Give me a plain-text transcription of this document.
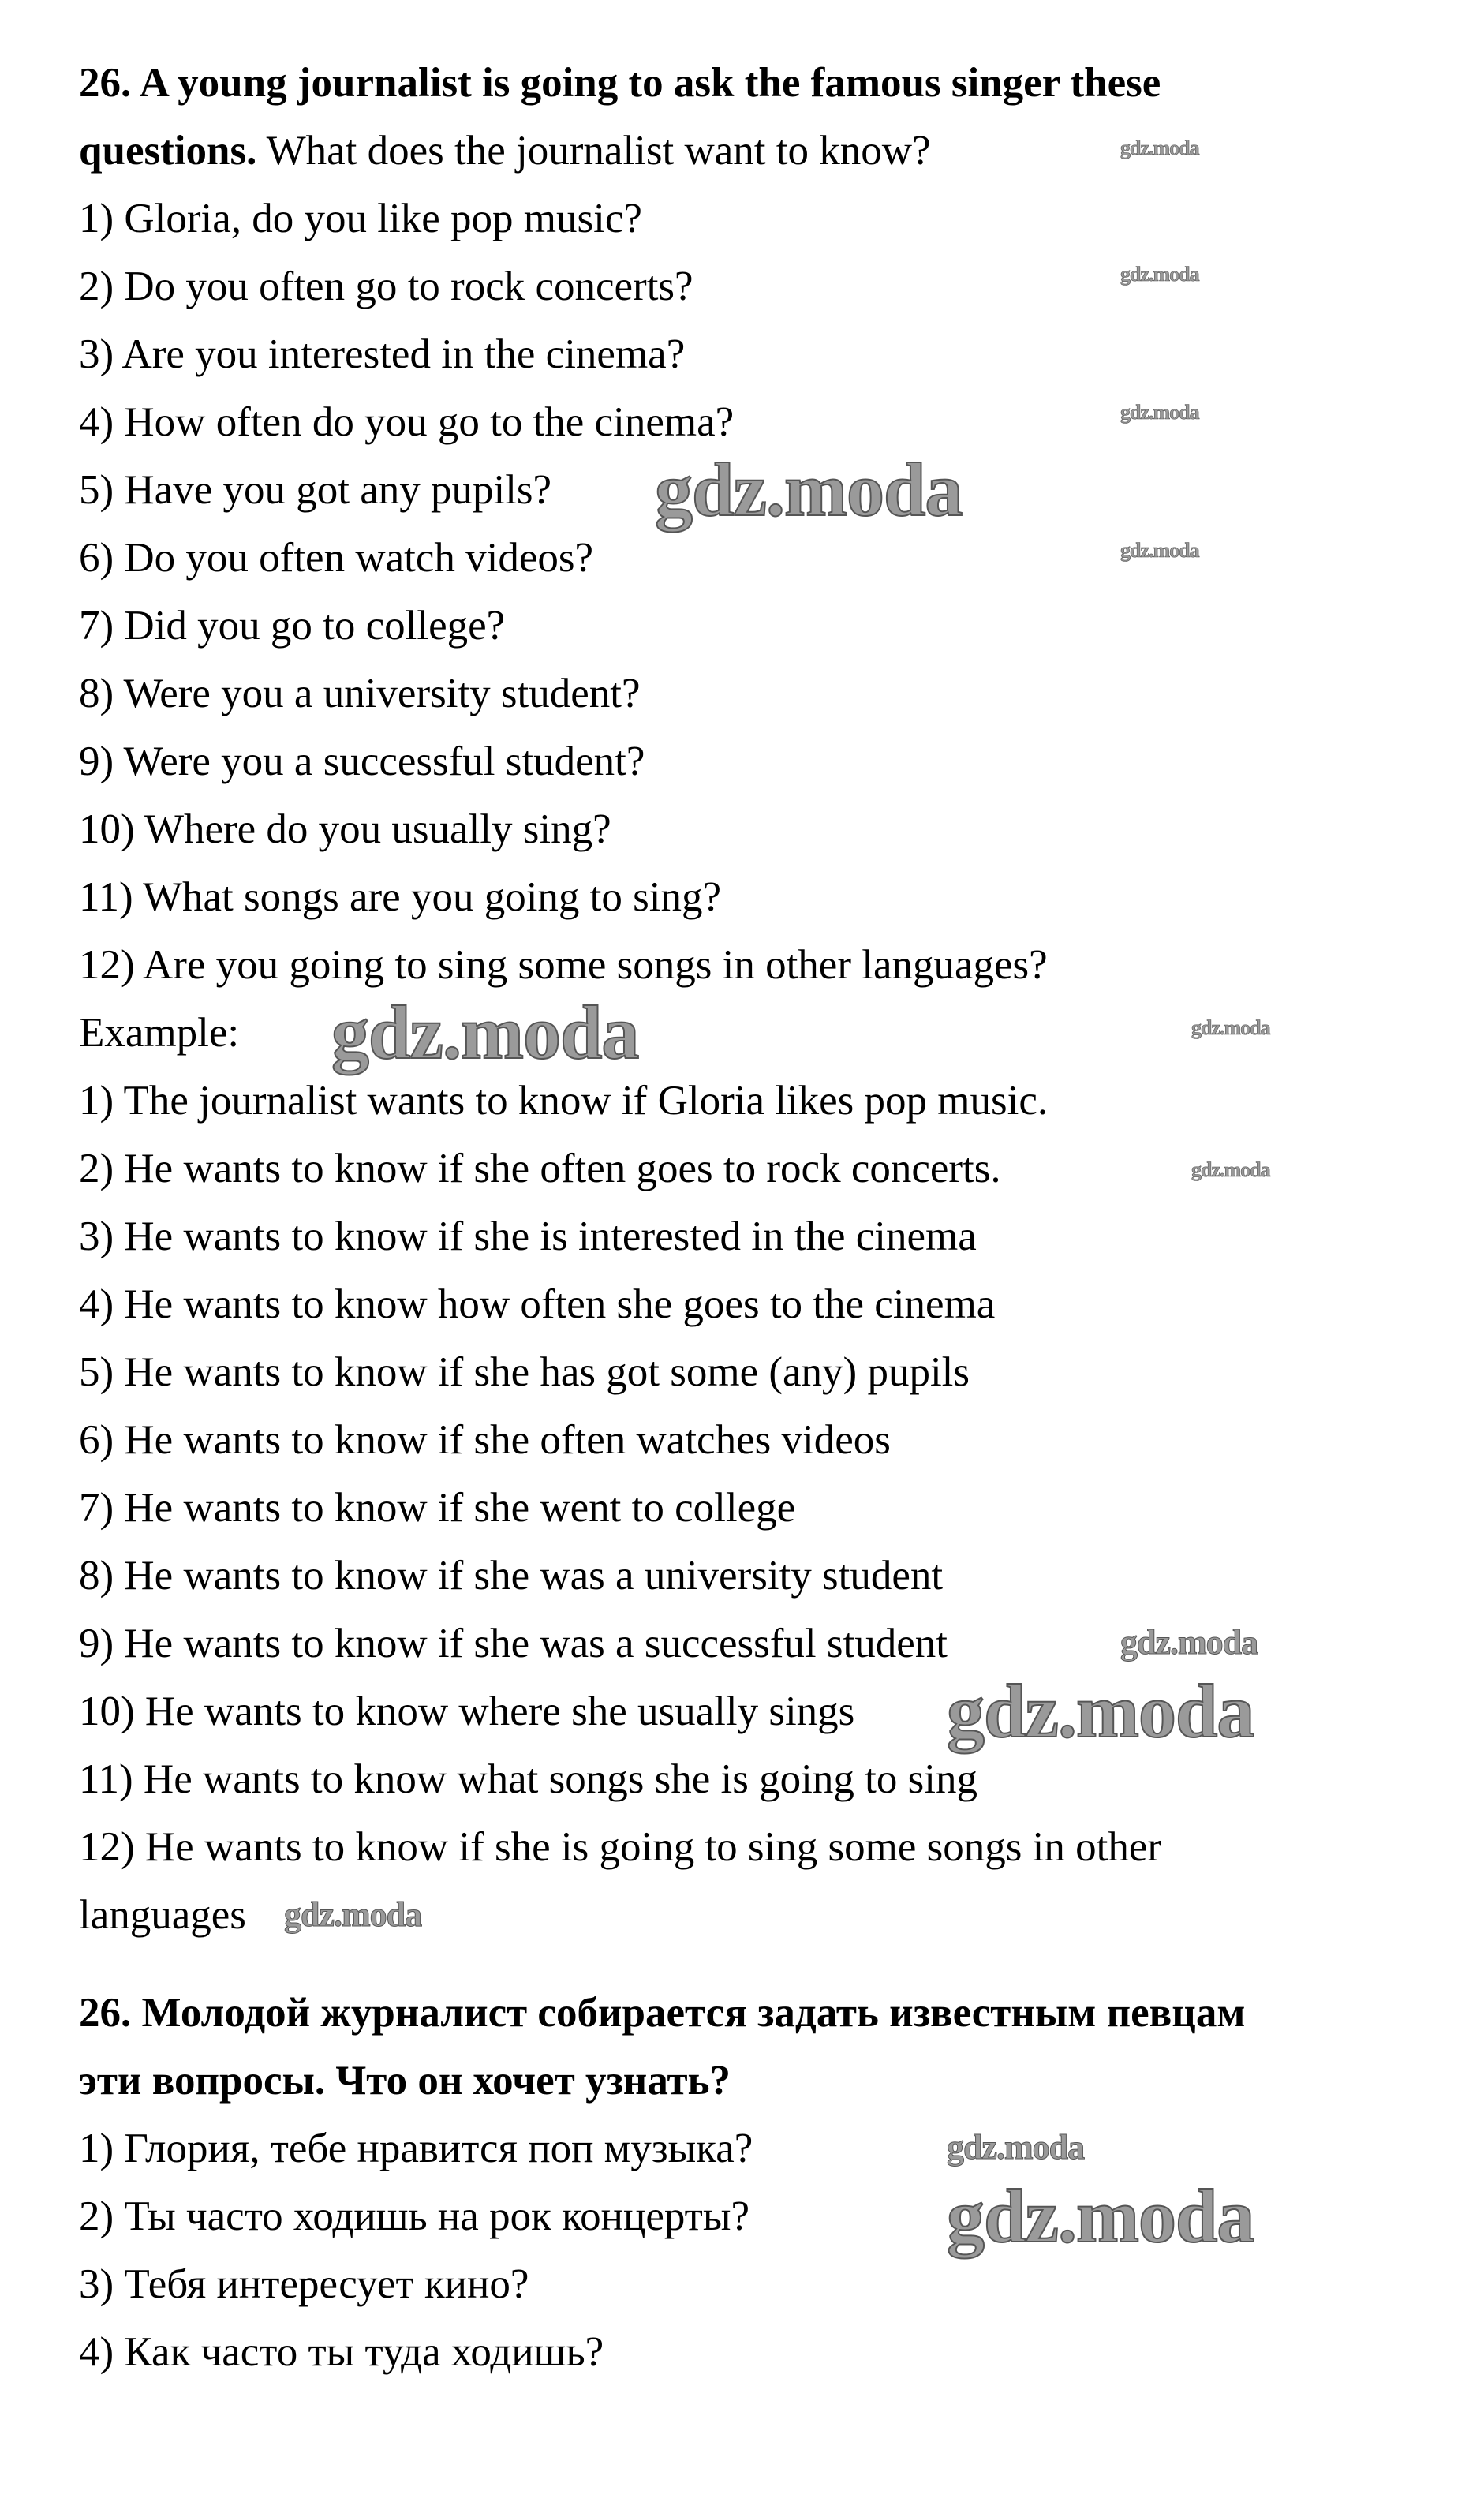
26. A young journalist is going to ask the famous singer these
questions. What does the journalist want to know?
1) Gloria, do you like pop music?
2) Do you often go to rock concerts?
3) Are you interested in the cinema?
4) How often do you go to the cinema?
5) Have you got any pupils?
6) Do you often watch videos?
7) Did you go to college?
8) Were you a university student?
9) Were you a successful student?
10) Where do you usually sing?
11) What songs are you going to sing?
12) Are you going to sing some songs in other languages?
Example:
1) The journalist wants to know if Gloria likes pop music.
2) He wants to know if she often goes to rock concerts.
3) He wants to know if she is interested in the cinema
4) He wants to know how often she goes to the cinema
5) He wants to know if she has got some (any) pupils
6) He wants to know if she often watches videos
7) He wants to know if she went to college
8) He wants to know if she was a university student
9) He wants to know if she was a successful student
10) He wants to know where she usually sings
11) He wants to know what songs she is going to sing
12) He wants to know if she is going to sing some songs in other
languages
26. Молодой журналист собирается задать известным певцам
эти вопросы. Что он хочет узнать?
1) Глория, тебе нравится поп музыка?
2) Ты часто ходишь на рок концерты?
3) Тебя интересует кино?
4) Как часто ты туда ходишь?
gdz.moda
gdz.moda
gdz.moda
gdz.moda
gdz.moda
gdz.moda
gdz.moda
gdz.moda
gdz.moda
gdz.moda
gdz.moda
gdz.moda
gdz.moda
